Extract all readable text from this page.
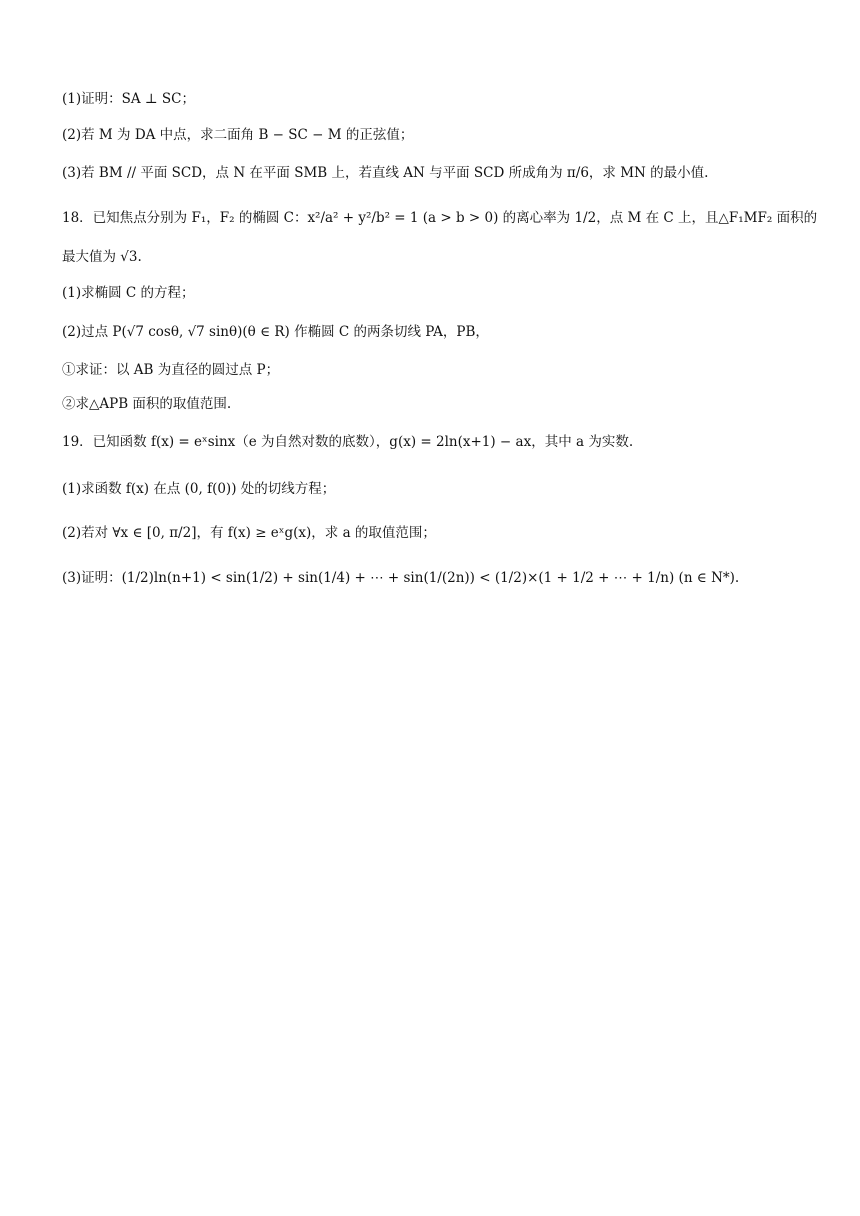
(1)证明：SA ⊥ SC；
(2)若 M 为 DA 中点，求二面角 B − SC − M 的正弦值；
(3)若 BM // 平面 SCD，点 N 在平面 SMB 上，若直线 AN 与平面 SCD 所成角为 π/6，求 MN 的最小值.
18．已知焦点分别为 F₁，F₂ 的椭圆 C：x²/a² + y²/b² = 1 (a > b > 0) 的离心率为 1/2，点 M 在 C 上，且△F₁MF₂ 面积的
最大值为 √3.
(1)求椭圆 C 的方程；
(2)过点 P(√7 cosθ, √7 sinθ)(θ ∈ R) 作椭圆 C 的两条切线 PA，PB，
①求证：以 AB 为直径的圆过点 P；
②求△APB 面积的取值范围.
19．已知函数 f(x) = eˣsinx（e 为自然对数的底数），g(x) = 2ln(x+1) − ax，其中 a 为实数.
(1)求函数 f(x) 在点 (0, f(0)) 处的切线方程；
(2)若对 ∀x ∈ [0, π/2]，有 f(x) ≥ eˣg(x)，求 a 的取值范围；
(3)证明：(1/2)ln(n+1) < sin(1/2) + sin(1/4) + ⋯ + sin(1/(2n)) < (1/2)×(1 + 1/2 + ⋯ + 1/n) (n ∈ N*).
